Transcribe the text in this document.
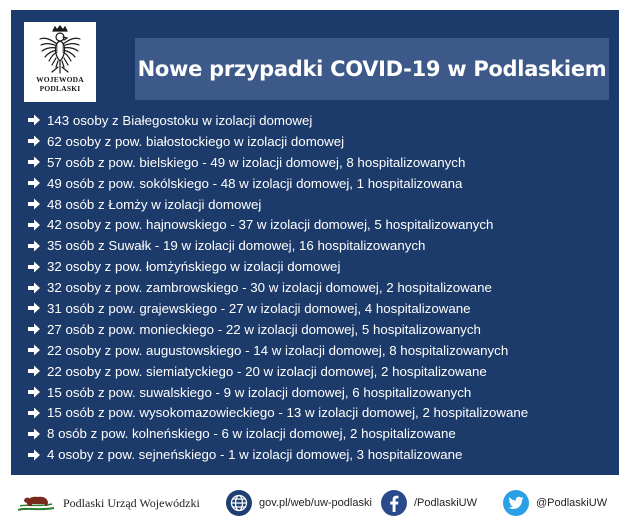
WOJEWODA
PODLASKI
Nowe przypadki COVID-19 w Podlaskiem
143 osoby z Białegostoku w izolacji domowej
62 osoby z pow. białostockiego w izolacji domowej
57 osób z pow. bielskiego - 49 w izolacji domowej, 8 hospitalizowanych
49 osób z pow. sokólskiego - 48 w izolacji domowej, 1 hospitalizowana
48 osób z Łomży w izolacji domowej
42 osoby z pow. hajnowskiego - 37 w izolacji domowej, 5 hospitalizowanych
35 osób z Suwałk - 19 w izolacji domowej, 16 hospitalizowanych
32 osoby z pow. łomżyńskiego w izolacji domowej
32 osoby z pow. zambrowskiego - 30 w izolacji domowej, 2 hospitalizowane
31 osób z pow. grajewskiego - 27 w izolacji domowej, 4 hospitalizowane
27 osób z pow. monieckiego - 22 w izolacji domowej, 5 hospitalizowanych
22 osoby z pow. augustowskiego - 14 w izolacji domowej, 8 hospitalizowanych
22 osoby z pow. siemiatyckiego - 20 w izolacji domowej, 2 hospitalizowane
15 osób z pow. suwalskiego - 9 w izolacji domowej, 6 hospitalizowanych
15 osób z pow. wysokomazowieckiego - 13 w izolacji domowej, 2 hospitalizowane
8 osób z pow. kolneńskiego - 6 w izolacji domowej, 2 hospitalizowane
4 osoby z pow. sejneńskiego - 1 w izolacji domowej, 3 hospitalizowane
Podlaski Urząd Wojewódzki	gov.pl/web/uw-podlaski	/PodlaskiUW	@PodlaskiUW
